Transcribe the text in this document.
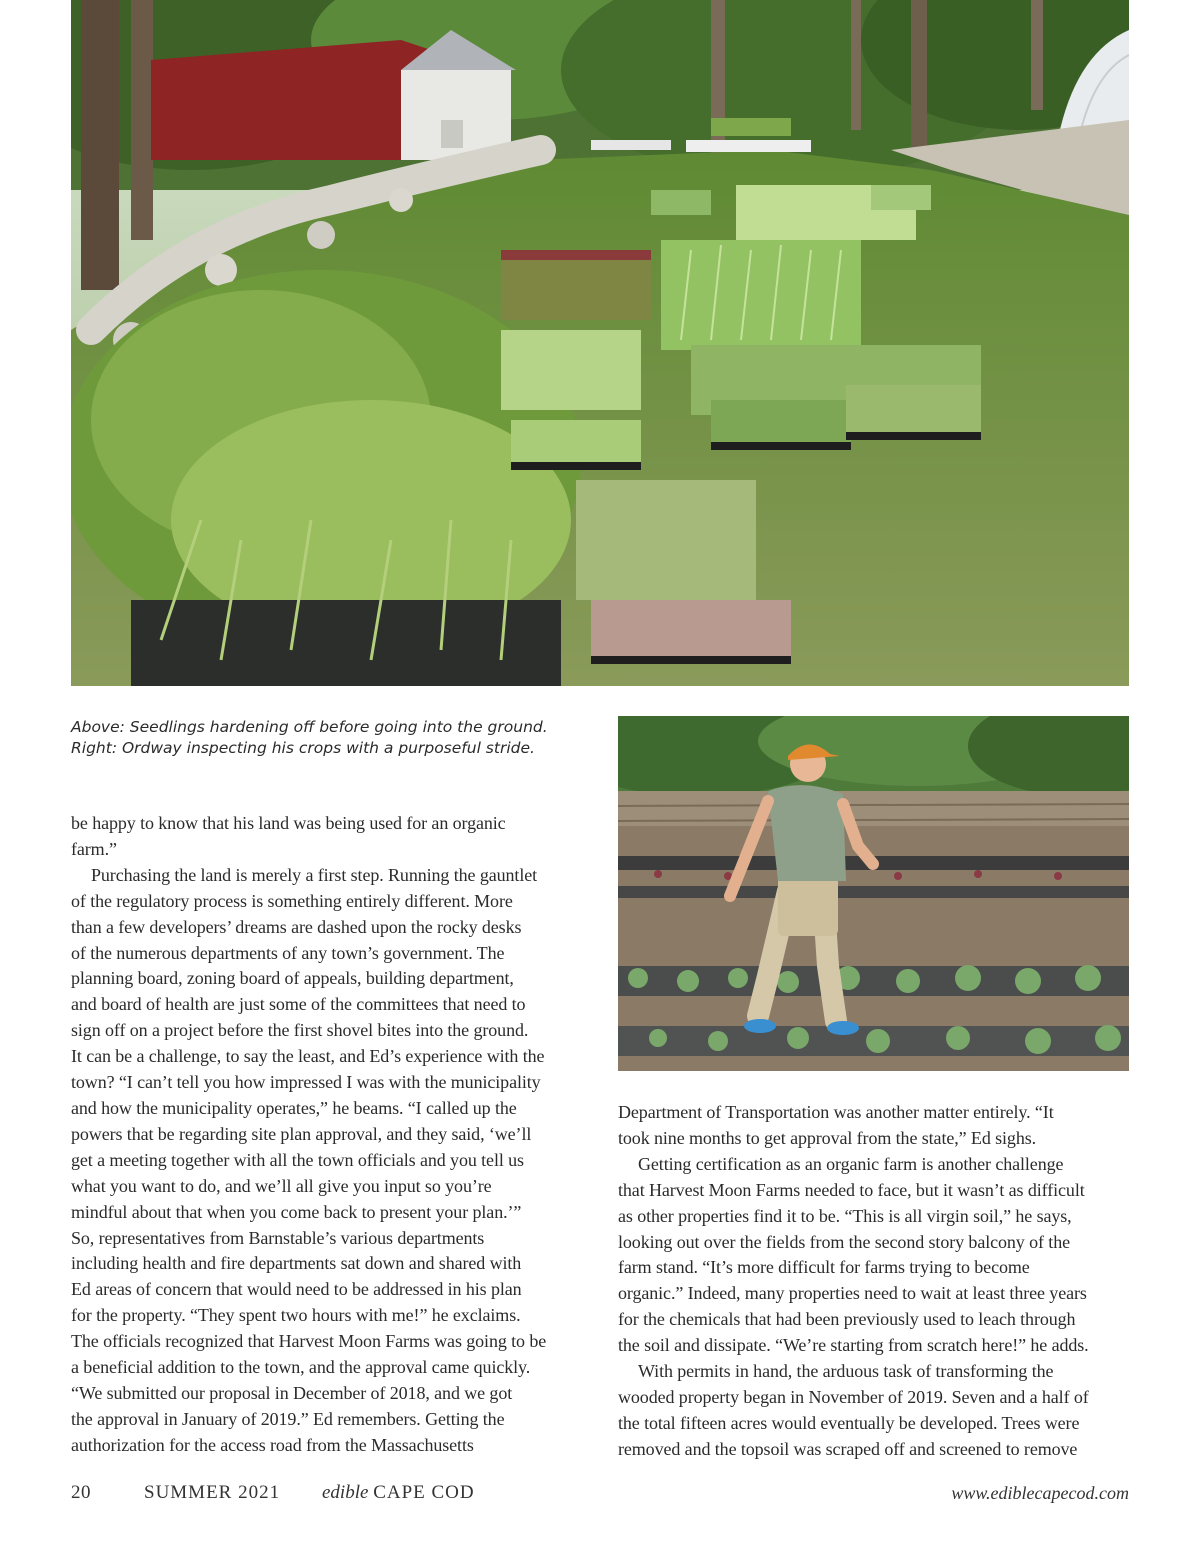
Above: Seedlings hardening off before going into the ground.

Right: Ordway inspecting his crops with a purposeful stride.

be happy to know that his land was being used for an organic
farm.”
Purchasing the land is merely a first step. Running the gauntlet
of the regulatory process is something entirely different. More
than a few developers’ dreams are dashed upon the rocky desks
of the numerous departments of any town’s government. The
planning board, zoning board of appeals, building department,
and board of health are just some of the committees that need to
sign off on a project before the first shovel bites into the ground.
It can be a challenge, to say the least, and Ed’s experience with the
town? “I can’t tell you how impressed I was with the municipality
and how the municipality operates,” he beams. “I called up the
powers that be regarding site plan approval, and they said, ‘we’ll
get a meeting together with all the town officials and you tell us
what you want to do, and we’ll all give you input so you’re
mindful about that when you come back to present your plan.’”
So, representatives from Barnstable’s various departments
including health and fire departments sat down and shared with
Ed areas of concern that would need to be addressed in his plan
for the property. “They spent two hours with me!” he exclaims.
The officials recognized that Harvest Moon Farms was going to be
a beneficial addition to the town, and the approval came quickly.
“We submitted our proposal in December of 2018, and we got
the approval in January of 2019.” Ed remembers. Getting the
authorization for the access road from the Massachusetts
Department of Transportation was another matter entirely. “It
took nine months to get approval from the state,” Ed sighs.
Getting certification as an organic farm is another challenge
that Harvest Moon Farms needed to face, but it wasn’t as difficult
as other properties find it to be. “This is all virgin soil,” he says,
looking out over the fields from the second story balcony of the
farm stand. “It’s more difficult for farms trying to become
organic.” Indeed, many properties need to wait at least three years
for the chemicals that had been previously used to leach through
the soil and dissipate. “We’re starting from scratch here!” he adds.
With permits in hand, the arduous task of transforming the
wooded property began in November of 2019. Seven and a half of
the total fifteen acres would eventually be developed. Trees were
removed and the topsoil was scraped off and screened to remove
20	SUMMER 2021 edible CAPE COD	www.ediblecapecod.com
